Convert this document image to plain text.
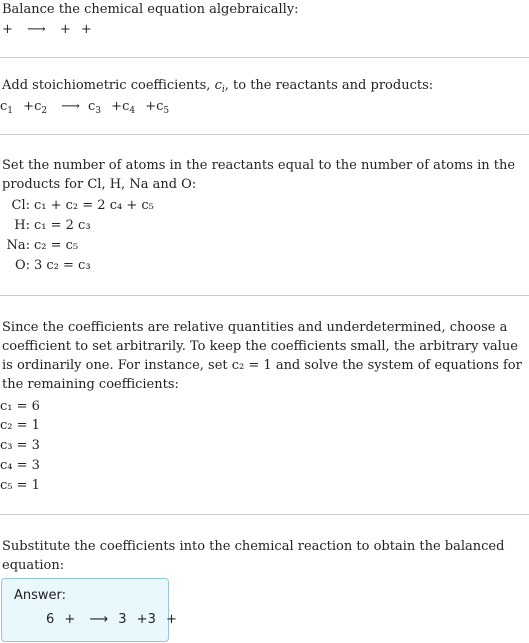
Balance the chemical equation algebraically:
+ ⟶ + +
Add stoichiometric coefficients, $c_i$, to the reactants and products:
$c_1 +c_2$ ⟶ $c_3 +c_4 +c_5$
Set the number of atoms in the reactants equal to the number of atoms in the products for Cl, H, Na and O:
Cl: c₁ + c₂ = 2 c₄ + c₅
H: c₁ = 2 c₃
Na: c₂ = c₅
O: 3 c₂ = c₃
Since the coefficients are relative quantities and underdetermined, choose a coefficient to set arbitrarily. To keep the coefficients small, the arbitrary value is ordinarily one. For instance, set c₂ = 1 and solve the system of equations for the remaining coefficients:
c₁ = 6
c₂ = 1
c₃ = 3
c₄ = 3
c₅ = 1
Substitute the coefficients into the chemical reaction to obtain the balanced equation:
Answer:
6 + ⟶ 3 +3 +
